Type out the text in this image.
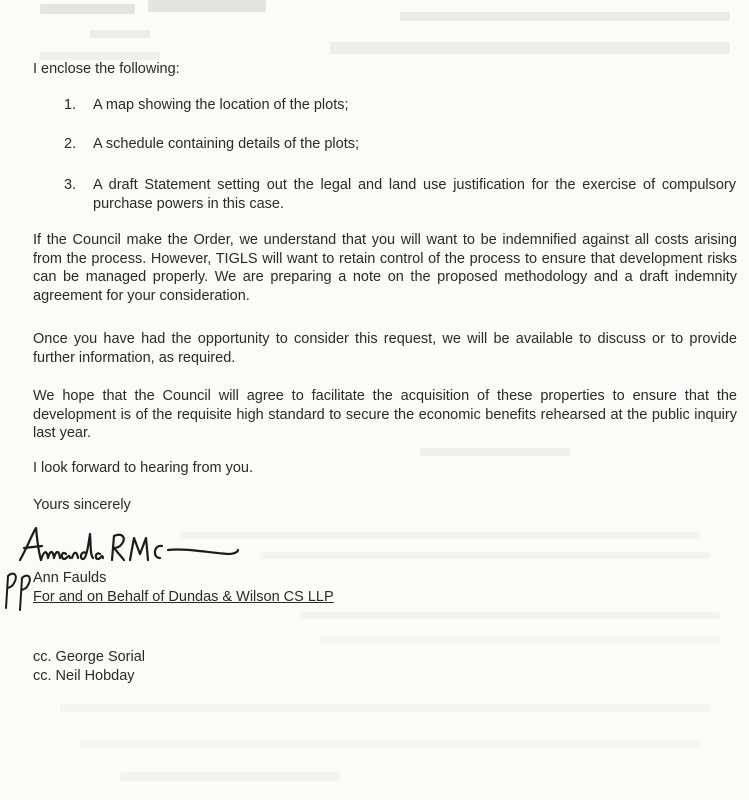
I enclose the following:

1.	A map showing the location of the plots;
2.	A schedule containing details of the plots;
3.	A draft Statement setting out the legal and land use justification for the exercise of compulsory purchase powers in this case.

If the Council make the Order, we understand that you will want to be indemnified against all costs arising from the process. However, TIGLS will want to retain control of the process to ensure that development risks can be managed properly. We are preparing a note on the proposed methodology and a draft indemnity agreement for your consideration.

Once you have had the opportunity to consider this request, we will be available to discuss or to provide further information, as required.

We hope that the Council will agree to facilitate the acquisition of these properties to ensure that the development is of the requisite high standard to secure the economic benefits rehearsed at the public inquiry last year.

I look forward to hearing from you.

Yours sincerely

Ann Faulds

For and on Behalf of Dundas & Wilson CS LLP

cc. George Sorial

cc. Neil Hobday
